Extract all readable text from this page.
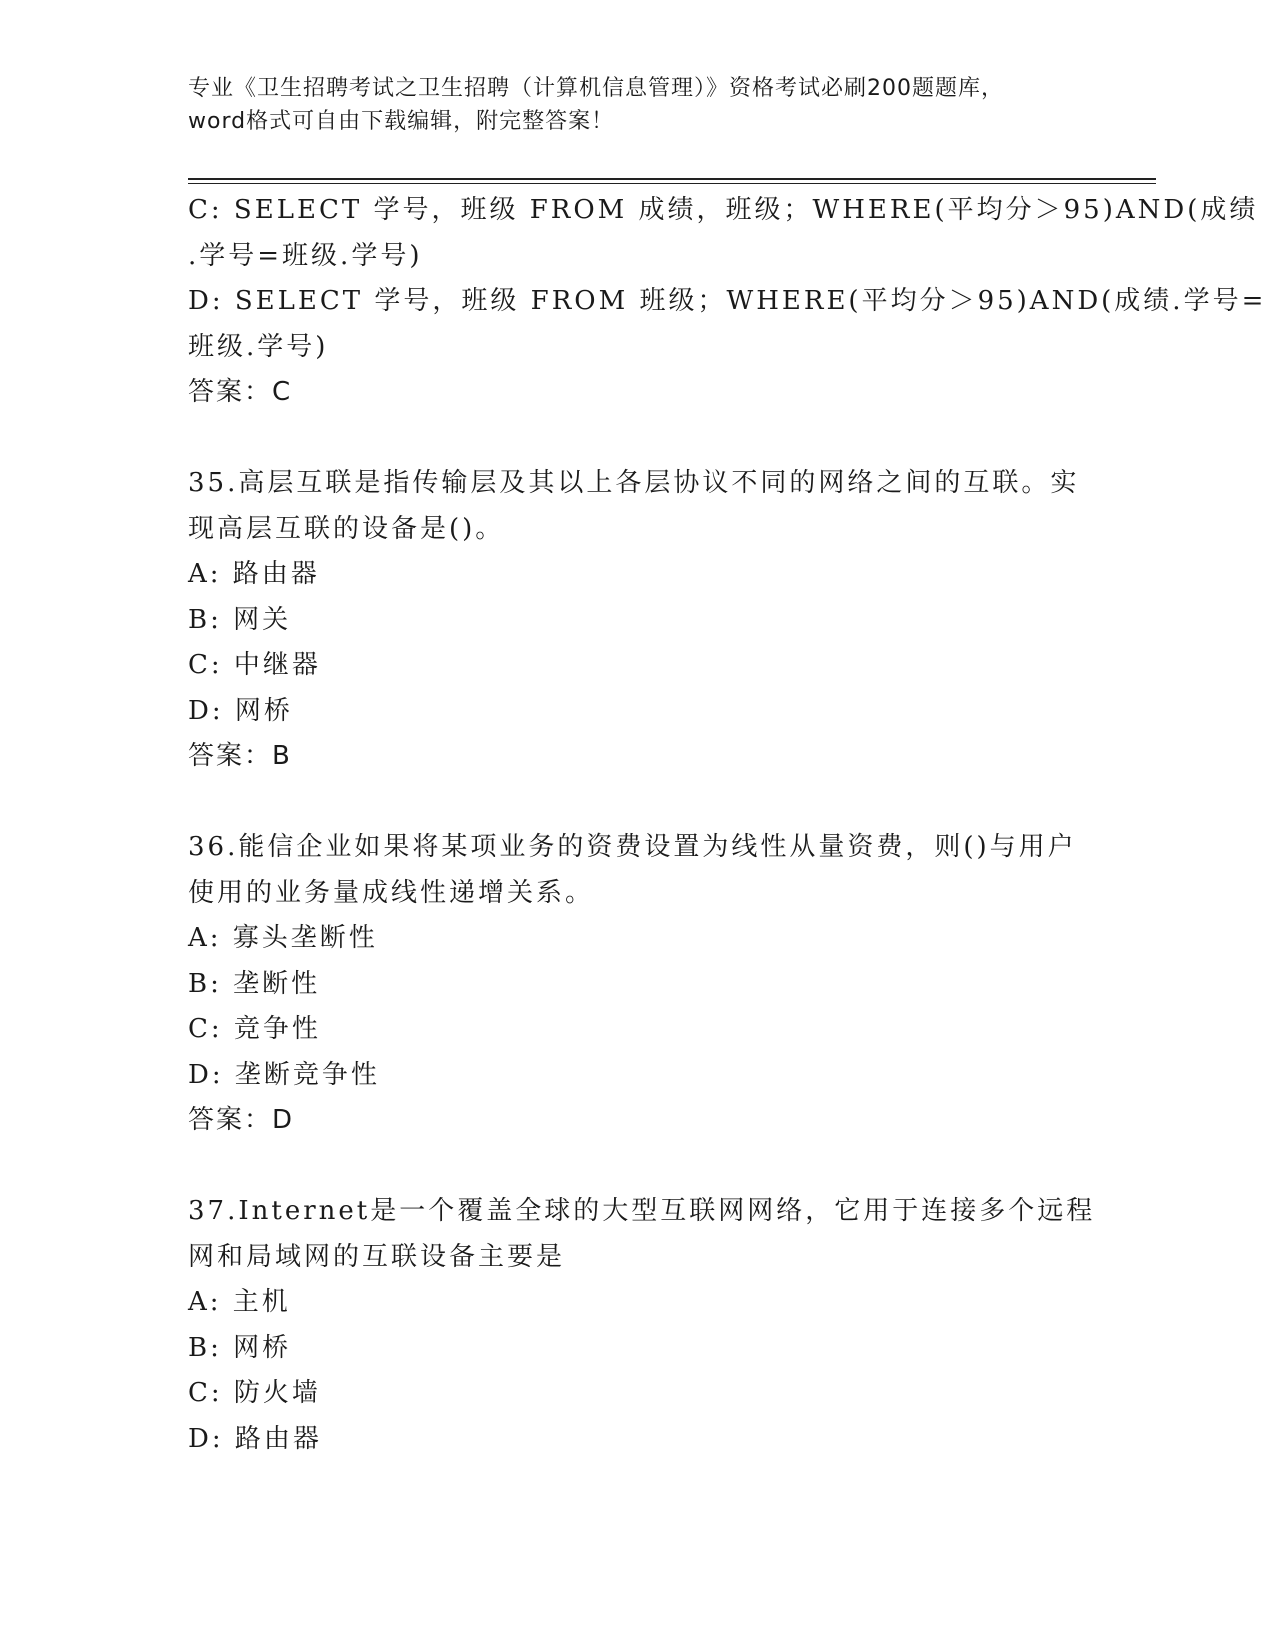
专业《卫生招聘考试之卫生招聘（计算机信息管理）》资格考试必刷200题题库，
word格式可自由下载编辑，附完整答案！
C: SELECT 学号，班级 FROM 成绩，班级；WHERE(平均分＞95)AND(成绩
.学号=班级.学号)
D: SELECT 学号，班级 FROM 班级；WHERE(平均分＞95)AND(成绩.学号=
班级.学号)
答案：C
35.高层互联是指传输层及其以上各层协议不同的网络之间的互联。实
现高层互联的设备是()。
A: 路由器
B: 网关
C: 中继器
D: 网桥
答案：B
36.能信企业如果将某项业务的资费设置为线性从量资费，则()与用户
使用的业务量成线性递增关系。
A: 寡头垄断性
B: 垄断性
C: 竞争性
D: 垄断竞争性
答案：D
37.Internet是一个覆盖全球的大型互联网网络，它用于连接多个远程
网和局域网的互联设备主要是
A: 主机
B: 网桥
C: 防火墙
D: 路由器
